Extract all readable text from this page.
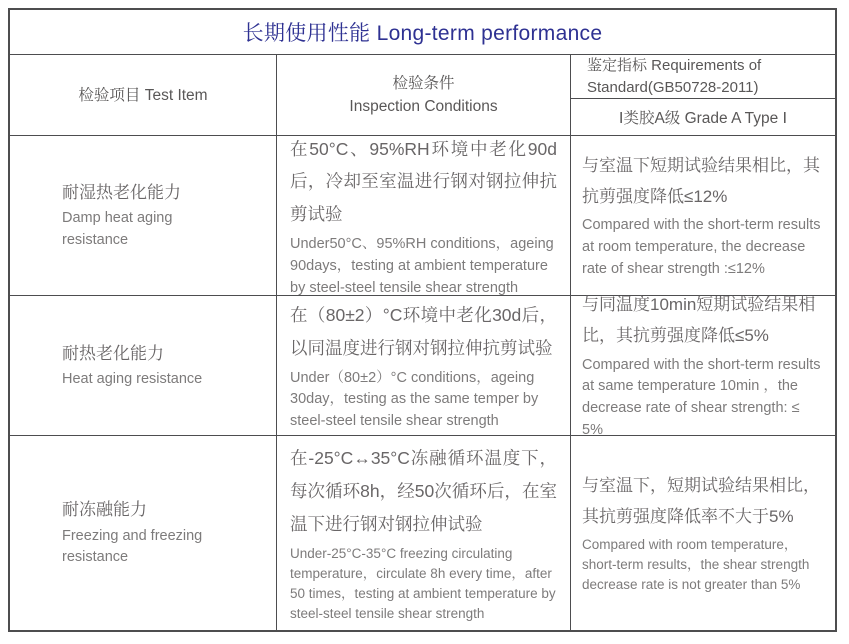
长期使用性能 Long-term performance
检验项目 Test Item
检验条件
Inspection Conditions
鉴定指标 Requirements of Standard(GB50728-2011)
Ⅰ类胶A级 Grade A Type Ⅰ
耐湿热老化能力
Damp heat aging resistance
在50°C、95%RH环境中老化90d后，冷却至室温进行钢对钢拉伸抗剪试验
Under50°C、95%RH conditions，ageing 90days，testing at ambient temperature by steel-steel tensile shear strength
与室温下短期试验结果相比，其抗剪强度降低≤12%
Compared with the short-term results at room temperature, the decrease rate of shear strength :≤12%
耐热老化能力
Heat aging resistance
在（80±2）°C环境中老化30d后，以同温度进行钢对钢拉伸抗剪试验
Under（80±2）°C conditions，ageing 30day，testing as the same temper by steel-steel tensile shear strength
与同温度10min短期试验结果相比，其抗剪强度降低≤5%
Compared with the short-term results at same temperature 10min ，the decrease rate of shear strength: ≤ 5%
耐冻融能力
Freezing and freezing resistance
在-25°C↔35°C冻融循环温度下，每次循环8h，经50次循环后，在室温下进行钢对钢拉伸试验
Under-25°C-35°C freezing circulating temperature，circulate 8h every time，after 50 times，testing at ambient temperature by steel-steel tensile shear strength
与室温下，短期试验结果相比，其抗剪强度降低率不大于5%
Compared with room temperature，short-term results，the shear strength decrease rate is not greater than 5%
